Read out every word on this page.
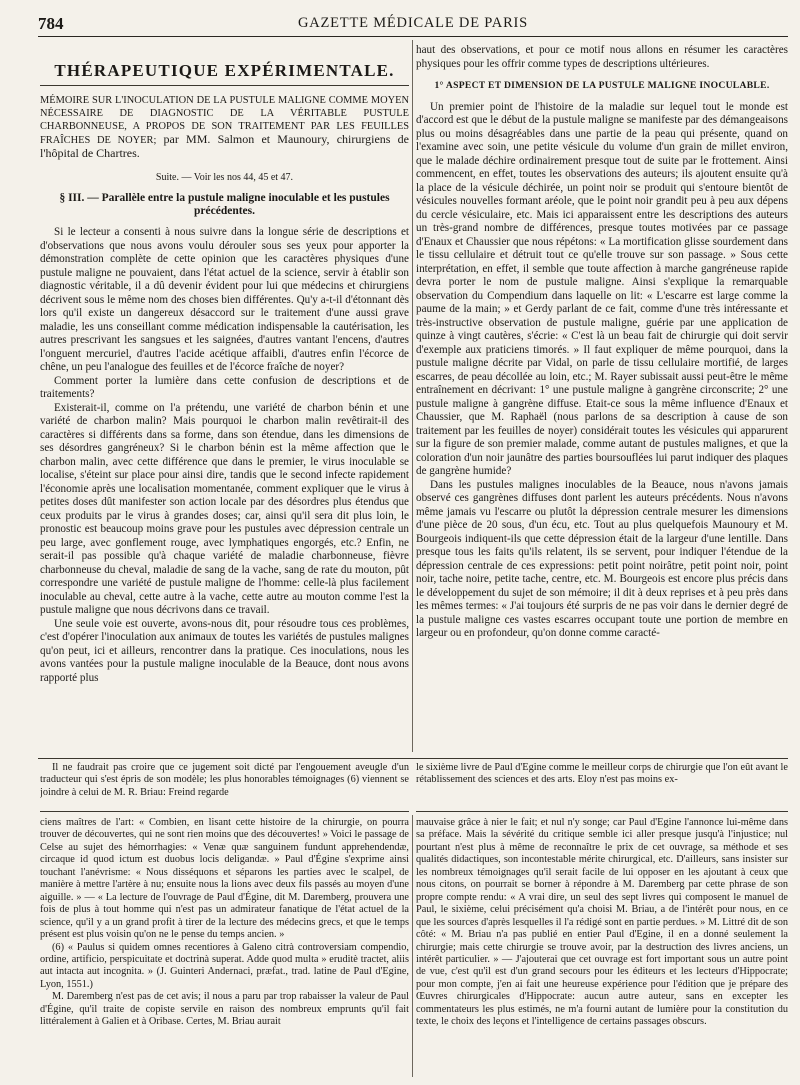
784	GAZETTE MÉDICALE DE PARIS
THÉRAPEUTIQUE EXPÉRIMENTALE.
MÉMOIRE SUR L'INOCULATION DE LA PUSTULE MALIGNE COMME MOYEN NÉCESSAIRE DE DIAGNOSTIC DE LA VÉRITABLE PUSTULE CHARBONNEUSE, A PROPOS DE SON TRAITEMENT PAR LES FEUILLES FRAÎCHES DE NOYER; par MM. Salmon et Maunoury, chirurgiens de l'hôpital de Chartres.
Suite. — Voir les nos 44, 45 et 47.
§ III. — Parallèle entre la pustule maligne inoculable et les pustules précédentes.

Si le lecteur a consenti à nous suivre dans la longue série de descriptions et d'observations que nous avons voulu dérouler sous ses yeux pour apporter la démonstration complète de cette opinion que les caractères physiques d'une pustule maligne ne pouvaient, dans l'état actuel de la science, servir à établir son diagnostic véritable, il a dû devenir évident pour lui que médecins et chirurgiens décrivent sous le même nom des choses bien différentes. Qu'y a-t-il d'étonnant dès lors qu'il existe un dangereux désaccord sur le traitement d'une aussi grave maladie, les uns conseillant comme médication indispensable la cautérisation, les autres prescrivant les sangsues et les saignées, d'autres vantant l'encens, d'autres l'onguent mercuriel, d'autres l'acide acétique affaibli, d'autres enfin l'écorce de chêne, un peu l'analogue des feuilles et de l'écorce fraîche de noyer?

Comment porter la lumière dans cette confusion de descriptions et de traitements?

Existerait-il, comme on l'a prétendu, une variété de charbon bénin et une variété de charbon malin? Mais pourquoi le charbon malin revêtirait-il des caractères si différents dans sa forme, dans son étendue, dans les dimensions de ses désordres gangréneux? Si le charbon bénin est la même affection que le charbon malin, avec cette différence que dans le premier, le virus inoculable se localise, s'éteint sur place pour ainsi dire, tandis que le second infecte rapidement l'économie après une localisation momentanée, comment expliquer que le virus à petites doses dût manifester son action locale par des désordres plus étendus que ceux produits par le virus à grandes doses; car, ainsi qu'il sera dit plus loin, le pronostic est beaucoup moins grave pour les pustules avec dépression centrale un peu large, avec gonflement rouge, avec lymphatiques engorgés, etc.? Enfin, ne serait-il pas possible qu'à chaque variété de maladie charbonneuse, fièvre charbonneuse du cheval, maladie de sang de la vache, sang de rate du mouton, pût correspondre une variété de pustule maligne de l'homme: celle-là plus facilement inoculable au cheval, cette autre à la vache, cette autre au mouton comme l'est la pustule maligne que nous décrivons dans ce travail.

Une seule voie est ouverte, avons-nous dit, pour résoudre tous ces problèmes, c'est d'opérer l'inoculation aux animaux de toutes les variétés de pustules malignes qu'on peut, ici et ailleurs, rencontrer dans la pratique. Ces inoculations, nous les avons vantées pour la pustule maligne inoculable de la Beauce, dont nous avons rapporté plus

haut des observations, et pour ce motif nous allons en résumer les caractères physiques pour les offrir comme types de descriptions ultérieures.

1° ASPECT ET DIMENSION DE LA PUSTULE MALIGNE INOCULABLE.

Un premier point de l'histoire de la maladie sur lequel tout le monde est d'accord est que le début de la pustule maligne se manifeste par des démangeaisons plus ou moins désagréables dans une partie de la peau qui présente, quand on l'examine avec soin, une petite vésicule du volume d'un grain de millet environ, que le malade déchire ordinairement presque tout de suite par le frottement. Ainsi commencent, en effet, toutes les observations des auteurs; ils ajoutent ensuite qu'à la place de la vésicule déchirée, un point noir se produit qui s'entoure bientôt de vésicules nouvelles formant aréole, que le point noir grandit peu à peu aux dépens du cercle vésiculaire, etc. Mais ici apparaissent entre les descriptions des auteurs un très-grand nombre de différences, presque toutes motivées par ce passage d'Enaux et Chaussier que nous répétons: « La mortification glisse sourdement dans le tissu cellulaire et détruit tout ce qu'elle trouve sur son passage. » Sous cette interprétation, en effet, il semble que toute affection à marche gangréneuse rapide devra porter le nom de pustule maligne. Ainsi s'explique la remarquable observation du Compendium dans laquelle on lit: « L'escarre est large comme la paume de la main; » et Gerdy parlant de ce fait, comme d'une très intéressante et très-instructive observation de pustule maligne, guérie par une application de quinze à vingt cautères, s'écrie: « C'est là un beau fait de chirurgie qui doit servir d'exemple aux praticiens timorés. » Il faut expliquer de même pourquoi, dans la pustule maligne décrite par Vidal, on parle de tissu cellulaire mortifié, de larges escarres, de peau décollée au loin, etc.; M. Rayer subissait aussi peut-être le même entraînement en décrivant: 1° une pustule maligne à gangrène circonscrite; 2° une pustule maligne à gangrène diffuse. Etait-ce sous la même influence d'Enaux et Chaussier, que M. Raphaël (nous parlons de sa description à cause de son traitement par les feuilles de noyer) considérait toutes les vésicules qui apparurent sur la figure de son premier malade, comme autant de pustules malignes, et que la coloration d'un noir jaunâtre des parties boursouflées lui parut indiquer des plaques de gangrène humide?

Dans les pustules malignes inoculables de la Beauce, nous n'avons jamais observé ces gangrènes diffuses dont parlent les auteurs précédents. Nous n'avons même jamais vu l'escarre ou plutôt la dépression centrale mesurer les dimensions d'une pièce de 20 sous, d'un écu, etc. Tout au plus quelquefois Maunoury et M. Bourgeois indiquent-ils que cette dépression était de la largeur d'une lentille. Dans presque tous les faits qu'ils relatent, ils se servent, pour indiquer l'étendue de la dépression centrale de ces expressions: petit point noirâtre, petit point noir, point noir, tache noire, petite tache, centre, etc. M. Bourgeois est encore plus précis dans le développement du sujet de son mémoire; il dit à deux reprises et à peu près dans les mêmes termes: « J'ai toujours été surpris de ne pas voir dans le dernier degré de la pustule maligne ces vastes escarres occupant toute une portion de membre en largeur ou en profondeur, qu'on donne comme caracté-

Il ne faudrait pas croire que ce jugement soit dicté par l'engouement aveugle d'un traducteur qui s'est épris de son modèle; les plus honorables témoignages (6) viennent se joindre à celui de M. R. Briau: Freind regarde

le sixième livre de Paul d'Egine comme le meilleur corps de chirurgie que l'on eût avant le rétablissement des sciences et des arts. Eloy n'est pas moins ex-

ciens maîtres de l'art: « Combien, en lisant cette histoire de la chirurgie, on pourra trouver de découvertes, qui ne sont rien moins que des découvertes! » Voici le passage de Celse au sujet des hémorrhagies: « Venæ quæ sanguinem fundunt apprehendendæ, circaque id quod ictum est duobus locis deligandæ. » Paul d'Égine s'exprime ainsi touchant l'anévrisme: « Nous disséquons et séparons les parties avec le scalpel, de manière à mettre l'artère à nu; ensuite nous la lions avec deux fils passés au moyen d'une aiguille. » — « La lecture de l'ouvrage de Paul d'Égine, dit M. Daremberg, prouvera une fois de plus à tout homme qui n'est pas un admirateur fanatique de l'état actuel de la science, qu'il y a un grand profit à tirer de la lecture des médecins grecs, et que le temps présent est plus voisin qu'on ne le pense du temps ancien. »

(6) « Paulus si quidem omnes recentiores à Galeno citrà controversiam compendio, ordine, artificio, perspicuitate et doctrinà superat. Adde quod multa » eruditè tractet, aliis aut intacta aut incognita. » (J. Guinteri Andernaci, præfat., trad. latine de Paul d'Egine, Lyon, 1551.)

M. Daremberg n'est pas de cet avis; il nous a paru par trop rabaisser la valeur de Paul d'Égine, qu'il traite de copiste servile en raison des nombreux emprunts qu'il fait littéralement à Galien et à Oribase. Certes, M. Briau aurait

mauvaise grâce à nier le fait; et nul n'y songe; car Paul d'Egine l'annonce lui-même dans sa préface. Mais la sévérité du critique semble ici aller presque jusqu'à l'injustice; nul pourtant n'est plus à même de reconnaître le prix de cet ouvrage, sa méthode et ses qualités didactiques, son incontestable mérite chirurgical, etc. D'ailleurs, sans insister sur les nombreux témoignages qu'il serait facile de lui opposer en les ajoutant à ceux que nous citons, on pourrait se borner à répondre à M. Daremberg par cette phrase de son propre compte rendu: « A vrai dire, un seul des sept livres qui composent le manuel de Paul, le sixième, celui précisément qu'a choisi M. Briau, a de l'intérêt pour nous, en ce que les sources d'après lesquelles il l'a rédigé sont en partie perdues. » M. Littré dit de son côté: « M. Briau n'a pas publié en entier Paul d'Egine, il en a donné seulement la chirurgie; mais cette chirurgie se trouve avoir, par la destruction des livres anciens, un intérêt particulier. » — J'ajouterai que cet ouvrage est fort important sous un autre point de vue, c'est qu'il est d'un grand secours pour les éditeurs et les lecteurs d'Hippocrate; pour mon compte, j'en ai fait une heureuse expérience pour l'édition que je prépare des Œuvres chirurgicales d'Hippocrate: aucun autre auteur, sans en excepter les commentateurs les plus estimés, ne m'a fourni autant de lumière pour la constitution du texte, le choix des leçons et l'intelligence de certains passages obscurs.
